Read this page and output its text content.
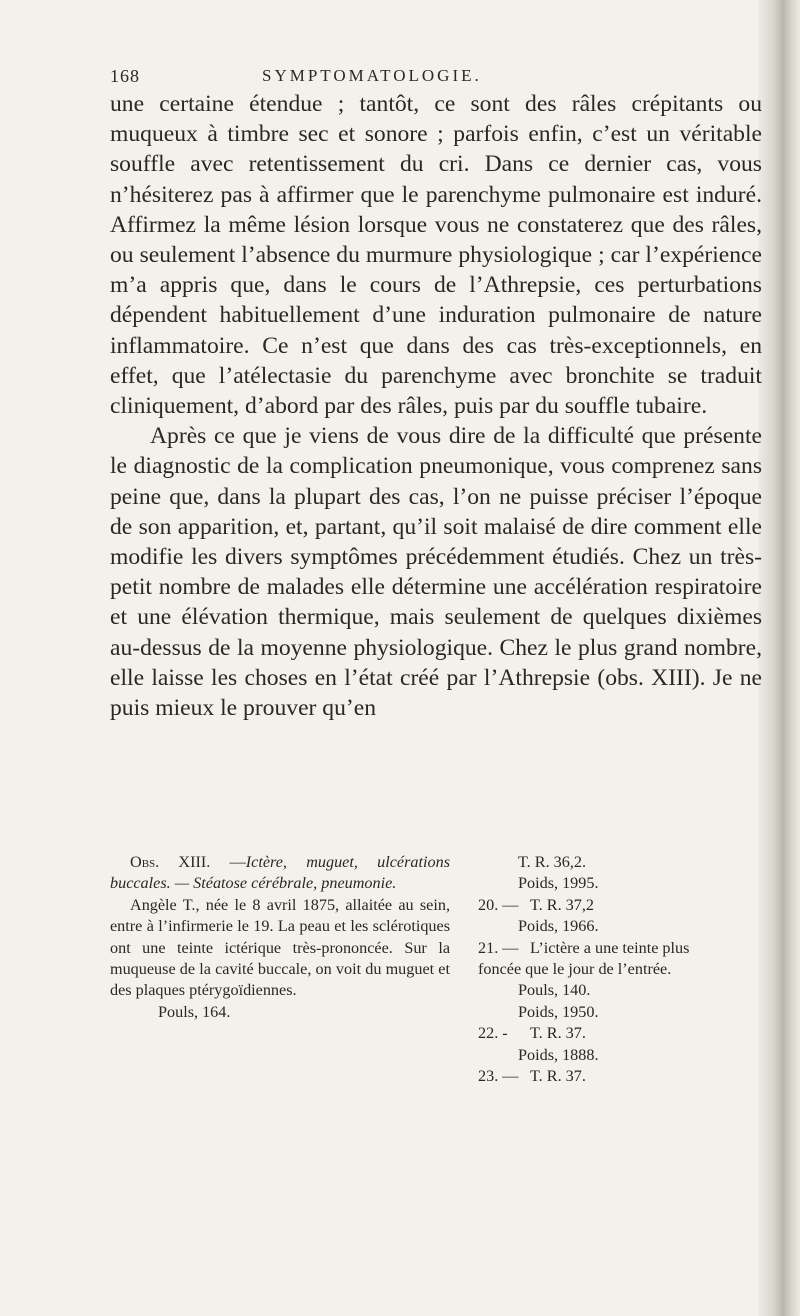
168	SYMPTOMATOLOGIE.

une certaine étendue ; tantôt, ce sont des râles crépitants ou muqueux à timbre sec et sonore ; parfois enfin, c’est un véritable souffle avec retentissement du cri. Dans ce dernier cas, vous n’hésiterez pas à affirmer que le parenchyme pulmonaire est induré. Affirmez la même lésion lorsque vous ne constaterez que des râles, ou seulement l’absence du murmure physiologique ; car l’expérience m’a appris que, dans le cours de l’Athrepsie, ces perturbations dépendent habituellement d’une induration pulmonaire de nature inflammatoire. Ce n’est que dans des cas très-exceptionnels, en effet, que l’atélectasie du parenchyme avec bronchite se traduit cliniquement, d’abord par des râles, puis par du souffle tubaire.

Après ce que je viens de vous dire de la difficulté que présente le diagnostic de la complication pneumonique, vous comprenez sans peine que, dans la plupart des cas, l’on ne puisse préciser l’époque de son apparition, et, partant, qu’il soit malaisé de dire comment elle modifie les divers symptômes précédemment étudiés. Chez un très-petit nombre de malades elle détermine une accélération respiratoire et une élévation thermique, mais seulement de quelques dixièmes au-dessus de la moyenne physiologique. Chez le plus grand nombre, elle laisse les choses en l’état créé par l’Athrepsie (obs. XIII). Je ne puis mieux le prouver qu’en

Obs. XIII. —Ictère, muguet, ulcérations buccales. — Stéatose cérébrale, pneumonie.

Angèle T., née le 8 avril 1875, allaitée au sein, entre à l’infirmerie le 19. La peau et les sclérotiques ont une teinte ictérique très-prononcée. Sur la muqueuse de la cavité buccale, on voit du muguet et des plaques ptérygoïdiennes.

Pouls, 164.

T. R. 36,2.

Poids, 1995.

20. — T. R. 37,2

Poids, 1966.

21. — L’ictère a une teinte plus

foncée que le jour de l’entrée.

Pouls, 140.

Poids, 1950.

22. -	T. R. 37.

Poids, 1888.

23. — T. R. 37.
